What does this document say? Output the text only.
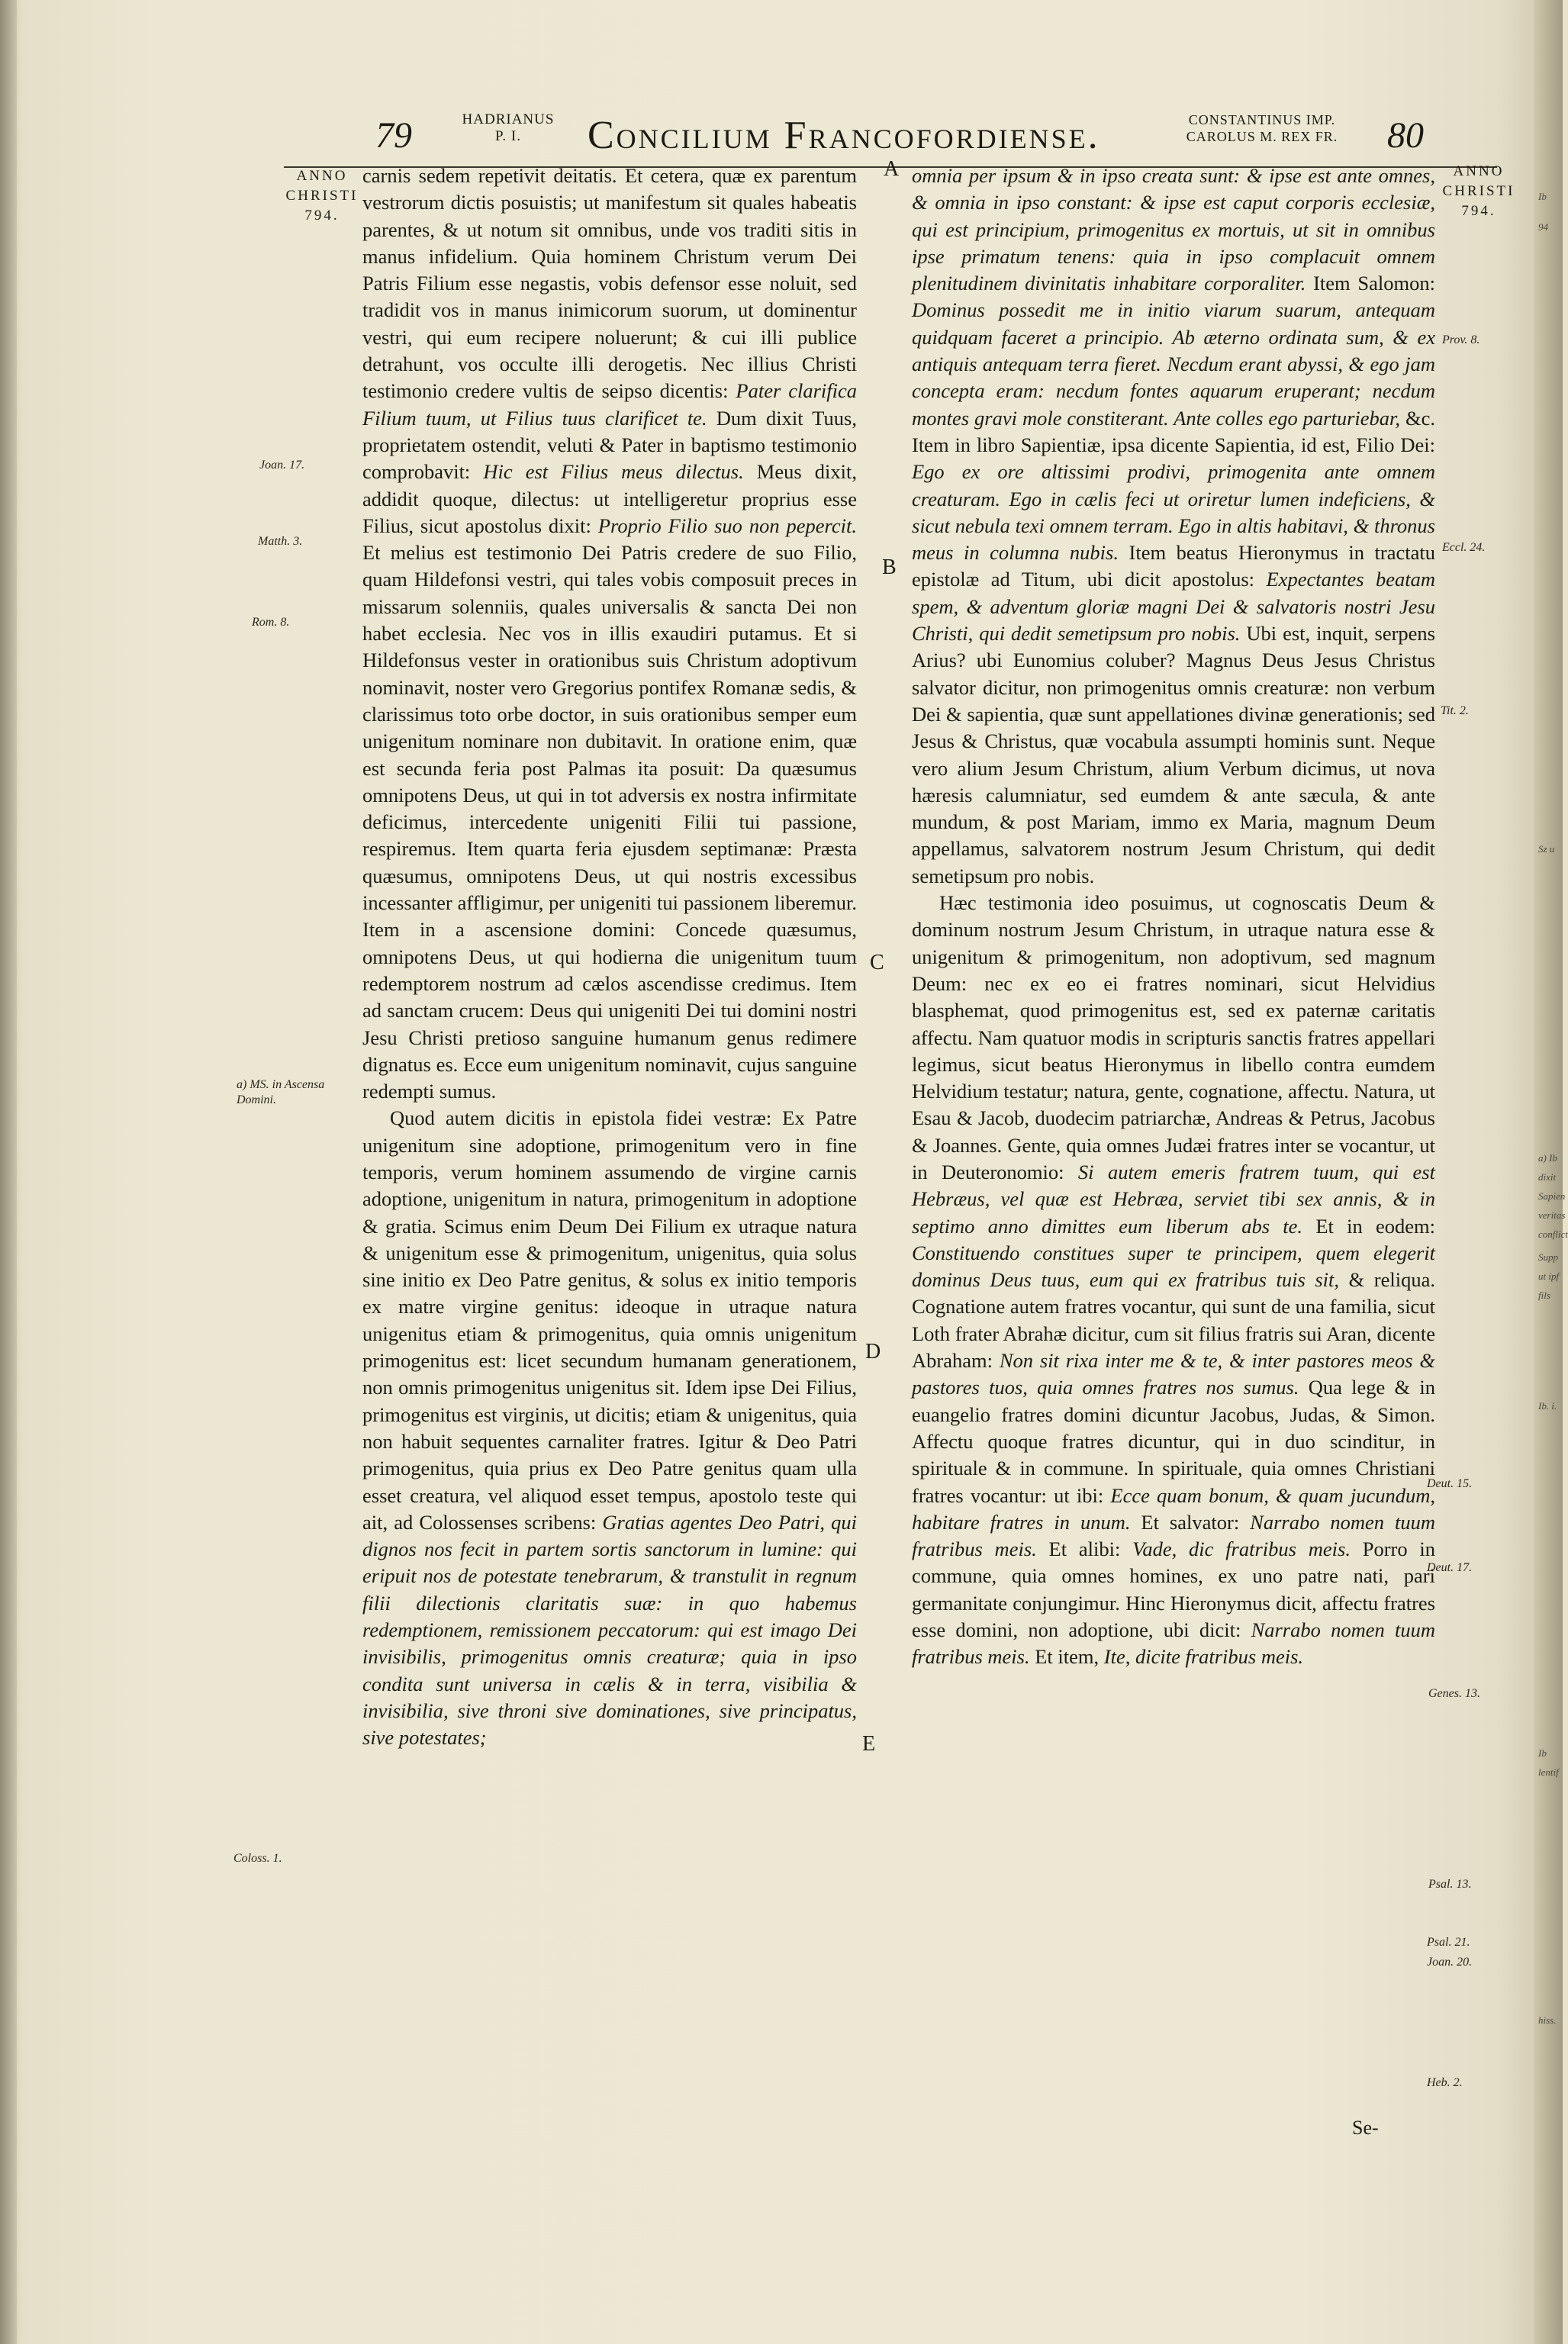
Ib
94
Sz u
a) Ib
dixit
Sapien
veritas
conflict
Supp
ut ipf
fils
Ib. i.
Ib
lentif
hiss.
79	HADRIANUS
P. I.	Concilium Francofordiense.	CONSTANTINUS IMP.
CAROLUS M. REX FR. 80
ANNO
CHRISTI
794.
ANNO
CHRISTI
794.
Joan. 17.
Matth. 3.
Rom. 8.
a) MS. in Ascensa Domini.
Coloss. 1.
Prov. 8.
Eccl. 24.
Tit. 2.
Deut. 15.
Deut. 17.
Genes. 13.
Psal. 13.
Psal. 21.
Joan. 20.
Heb. 2.
A
B
C
D
E

carnis sedem repetivit deitatis. Et cetera, quæ ex parentum vestrorum dictis posuistis; ut manifestum sit quales habeatis parentes, & ut notum sit omnibus, unde vos traditi sitis in manus infidelium. Quia hominem Christum verum Dei Patris Filium esse negastis, vobis defensor esse noluit, sed tradidit vos in manus inimicorum suorum, ut dominentur vestri, qui eum recipere noluerunt; & cui illi publice detrahunt, vos occulte illi derogetis. Nec illius Christi testimonio credere vultis de seipso dicentis: Pater clarifica Filium tuum, ut Filius tuus clarificet te. Dum dixit Tuus, proprietatem ostendit, veluti & Pater in baptismo testimonio comprobavit: Hic est Filius meus dilectus. Meus dixit, addidit quoque, dilectus: ut intelligeretur proprius esse Filius, sicut apostolus dixit: Proprio Filio suo non pepercit. Et melius est testimonio Dei Patris credere de suo Filio, quam Hildefonsi vestri, qui tales vobis composuit preces in missarum solenniis, quales universalis & sancta Dei non habet ecclesia. Nec vos in illis exaudiri putamus. Et si Hildefonsus vester in orationibus suis Christum adoptivum nominavit, noster vero Gregorius pontifex Romanæ sedis, & clarissimus toto orbe doctor, in suis orationibus semper eum unigenitum nominare non dubitavit. In oratione enim, quæ est secunda feria post Palmas ita posuit: Da quæsumus omnipotens Deus, ut qui in tot adversis ex nostra infirmitate deficimus, intercedente unigeniti Filii tui passione, respiremus. Item quarta feria ejusdem septimanæ: Præsta quæsumus, omnipotens Deus, ut qui nostris excessibus incessanter affligimur, per unigeniti tui passionem liberemur. Item in a ascensione domini: Concede quæsumus, omnipotens Deus, ut qui hodierna die unigenitum tuum redemptorem nostrum ad cælos ascendisse credimus. Item ad sanctam crucem: Deus qui unigeniti Dei tui domini nostri Jesu Christi pretioso sanguine humanum genus redimere dignatus es. Ecce eum unigenitum nominavit, cujus sanguine redempti sumus.

Quod autem dicitis in epistola fidei vestræ: Ex Patre unigenitum sine adoptione, primogenitum vero in fine temporis, verum hominem assumendo de virgine carnis adoptione, unigenitum in natura, primogenitum in adoptione & gratia. Scimus enim Deum Dei Filium ex utraque natura & unigenitum esse & primogenitum, unigenitus, quia solus sine initio ex Deo Patre genitus, & solus ex initio temporis ex matre virgine genitus: ideoque in utraque natura unigenitus etiam & primogenitus, quia omnis unigenitum primogenitus est: licet secundum humanam generationem, non omnis primogenitus unigenitus sit. Idem ipse Dei Filius, primogenitus est virginis, ut dicitis; etiam & unigenitus, quia non habuit sequentes carnaliter fratres. Igitur & Deo Patri primogenitus, quia prius ex Deo Patre genitus quam ulla esset creatura, vel aliquod esset tempus, apostolo teste qui ait, ad Colossenses scribens: Gratias agentes Deo Patri, qui dignos nos fecit in partem sortis sanctorum in lumine: qui eripuit nos de potestate tenebrarum, & transtulit in regnum filii dilectionis claritatis suæ: in quo habemus redemptionem, remissionem peccatorum: qui est imago Dei invisibilis, primogenitus omnis creaturæ; quia in ipso condita sunt universa in cælis & in terra, visibilia & invisibilia, sive throni sive dominationes, sive principatus, sive potestates;

omnia per ipsum & in ipso creata sunt: & ipse est ante omnes, & omnia in ipso constant: & ipse est caput corporis ecclesiæ, qui est principium, primogenitus ex mortuis, ut sit in omnibus ipse primatum tenens: quia in ipso complacuit omnem plenitudinem divinitatis inhabitare corporaliter. Item Salomon: Dominus possedit me in initio viarum suarum, antequam quidquam faceret a principio. Ab æterno ordinata sum, & ex antiquis antequam terra fieret. Necdum erant abyssi, & ego jam concepta eram: necdum fontes aquarum eruperant; necdum montes gravi mole constiterant. Ante colles ego parturiebar, &c. Item in libro Sapientiæ, ipsa dicente Sapientia, id est, Filio Dei: Ego ex ore altissimi prodivi, primogenita ante omnem creaturam. Ego in cælis feci ut oriretur lumen indeficiens, & sicut nebula texi omnem terram. Ego in altis habitavi, & thronus meus in columna nubis. Item beatus Hieronymus in tractatu epistolæ ad Titum, ubi dicit apostolus: Expectantes beatam spem, & adventum gloriæ magni Dei & salvatoris nostri Jesu Christi, qui dedit semetipsum pro nobis. Ubi est, inquit, serpens Arius? ubi Eunomius coluber? Magnus Deus Jesus Christus salvator dicitur, non primogenitus omnis creaturæ: non verbum Dei & sapientia, quæ sunt appellationes divinæ generationis; sed Jesus & Christus, quæ vocabula assumpti hominis sunt. Neque vero alium Jesum Christum, alium Verbum dicimus, ut nova hæresis calumniatur, sed eumdem & ante sæcula, & ante mundum, & post Mariam, immo ex Maria, magnum Deum appellamus, salvatorem nostrum Jesum Christum, qui dedit semetipsum pro nobis.

Hæc testimonia ideo posuimus, ut cognoscatis Deum & dominum nostrum Jesum Christum, in utraque natura esse & unigenitum & primogenitum, non adoptivum, sed magnum Deum: nec ex eo ei fratres nominari, sicut Helvidius blasphemat, quod primogenitus est, sed ex paternæ caritatis affectu. Nam quatuor modis in scripturis sanctis fratres appellari legimus, sicut beatus Hieronymus in libello contra eumdem Helvidium testatur; natura, gente, cognatione, affectu. Natura, ut Esau & Jacob, duodecim patriarchæ, Andreas & Petrus, Jacobus & Joannes. Gente, quia omnes Judæi fratres inter se vocantur, ut in Deuteronomio: Si autem emeris fratrem tuum, qui est Hebræus, vel quæ est Hebræa, serviet tibi sex annis, & in septimo anno dimittes eum liberum abs te. Et in eodem: Constituendo constitues super te principem, quem elegerit dominus Deus tuus, eum qui ex fratribus tuis sit, & reliqua. Cognatione autem fratres vocantur, qui sunt de una familia, sicut Loth frater Abrahæ dicitur, cum sit filius fratris sui Aran, dicente Abraham: Non sit rixa inter me & te, & inter pastores meos & pastores tuos, quia omnes fratres nos sumus. Qua lege & in euangelio fratres domini dicuntur Jacobus, Judas, & Simon. Affectu quoque fratres dicuntur, qui in duo scinditur, in spirituale & in commune. In spirituale, quia omnes Christiani fratres vocantur: ut ibi: Ecce quam bonum, & quam jucundum, habitare fratres in unum. Et salvator: Narrabo nomen tuum fratribus meis. Et alibi: Vade, dic fratribus meis. Porro in commune, quia omnes homines, ex uno patre nati, pari germanitate conjungimur. Hinc Hieronymus dicit, affectu fratres esse domini, non adoptione, ubi dicit: Narrabo nomen tuum fratribus meis. Et item, Ite, dicite fratribus meis.

Se-
